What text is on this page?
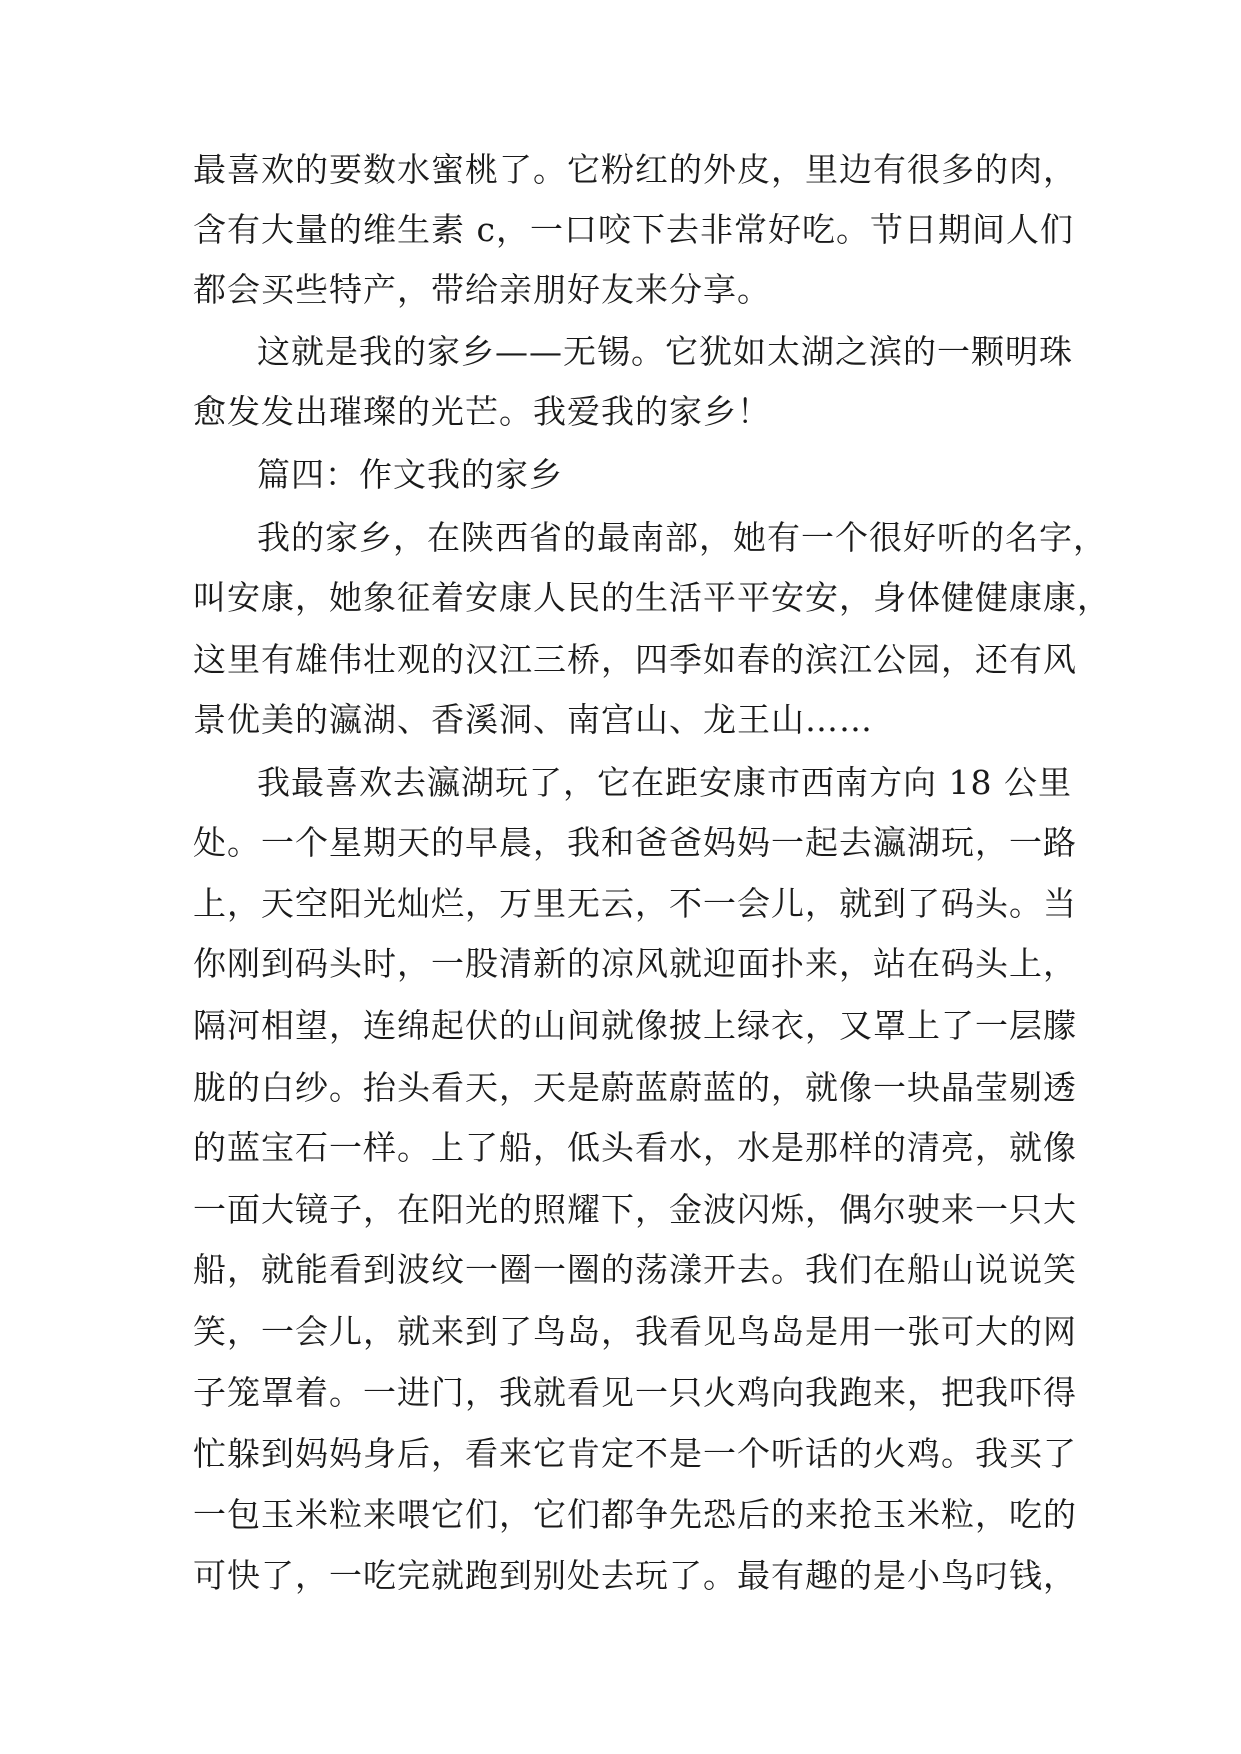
最喜欢的要数水蜜桃了。它粉红的外皮，里边有很多的肉，
含有大量的维生素 c，一口咬下去非常好吃。节日期间人们
都会买些特产，带给亲朋好友来分享。
这就是我的家乡——无锡。它犹如太湖之滨的一颗明珠
愈发发出璀璨的光芒。我爱我的家乡！
篇四：作文我的家乡
我的家乡，在陕西省的最南部，她有一个很好听的名字，
叫安康，她象征着安康人民的生活平平安安，身体健健康康，
这里有雄伟壮观的汉江三桥，四季如春的滨江公园，还有风
景优美的瀛湖、香溪洞、南宫山、龙王山……
我最喜欢去瀛湖玩了，它在距安康市西南方向 18 公里
处。一个星期天的早晨，我和爸爸妈妈一起去瀛湖玩，一路
上，天空阳光灿烂，万里无云，不一会儿，就到了码头。当
你刚到码头时，一股清新的凉风就迎面扑来，站在码头上，
隔河相望，连绵起伏的山间就像披上绿衣，又罩上了一层朦
胧的白纱。抬头看天，天是蔚蓝蔚蓝的，就像一块晶莹剔透
的蓝宝石一样。上了船，低头看水，水是那样的清亮，就像
一面大镜子，在阳光的照耀下，金波闪烁，偶尔驶来一只大
船，就能看到波纹一圈一圈的荡漾开去。我们在船山说说笑
笑，一会儿，就来到了鸟岛，我看见鸟岛是用一张可大的网
子笼罩着。一进门，我就看见一只火鸡向我跑来，把我吓得
忙躲到妈妈身后，看来它肯定不是一个听话的火鸡。我买了
一包玉米粒来喂它们，它们都争先恐后的来抢玉米粒，吃的
可快了，一吃完就跑到别处去玩了。最有趣的是小鸟叼钱，
